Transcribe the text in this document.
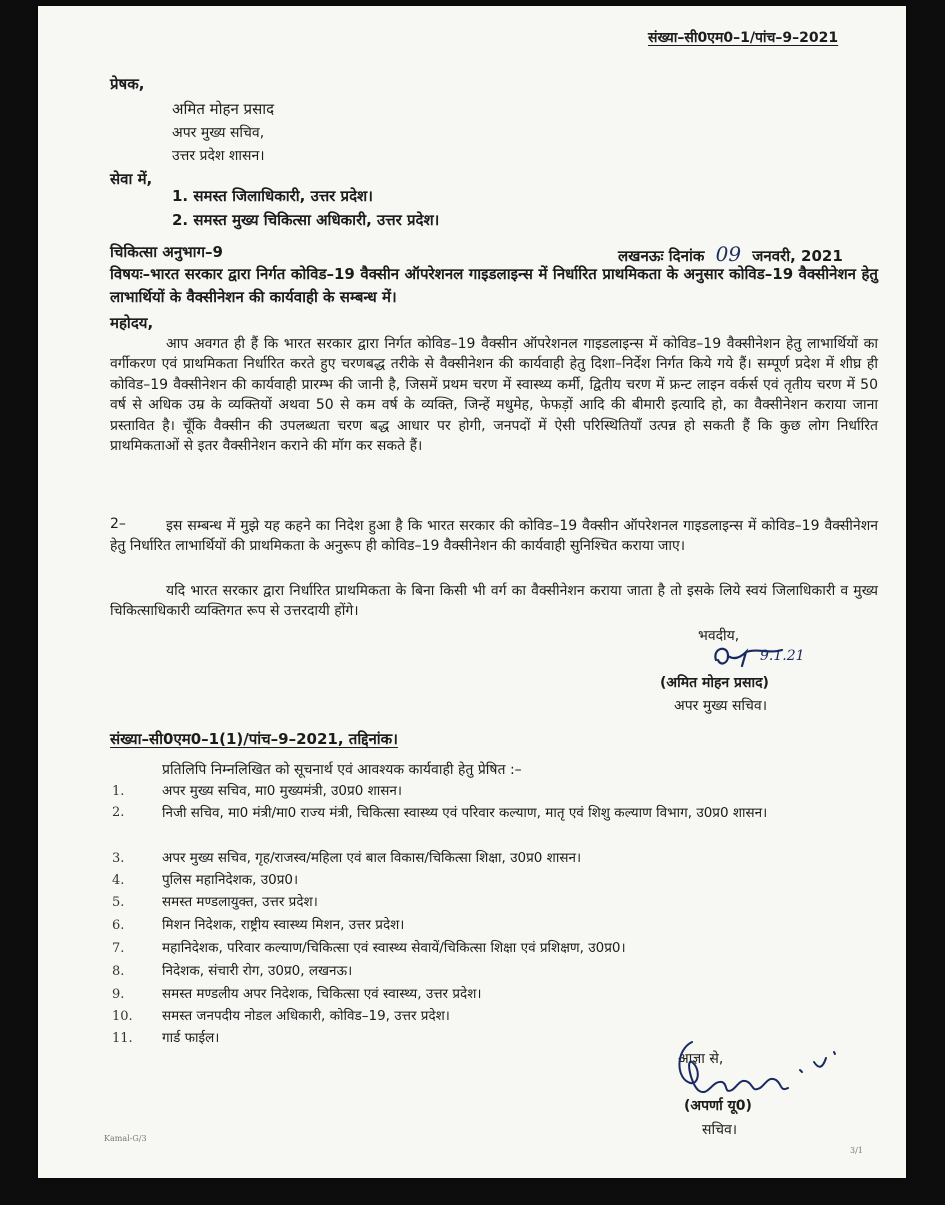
संख्या–सी0एम0–1/पांच–9–2021
प्रेषक,
अमित मोहन प्रसाद
अपर मुख्य सचिव,
उत्तर प्रदेश शासन।
सेवा में,
1. समस्त जिलाधिकारी, उत्तर प्रदेश।
2. समस्त मुख्य चिकित्सा अधिकारी, उत्तर प्रदेश।
चिकित्सा अनुभाग–9	लखनऊः दिनांक 09 जनवरी, 2021
विषयः–भारत सरकार द्वारा निर्गत कोविड–19 वैक्सीन ऑपरेशनल गाइडलाइन्स में निर्धारित प्राथमिकता के अनुसार कोविड–19 वैक्सीनेशन हेतु लाभार्थियों के वैक्सीनेशन की कार्यवाही के सम्बन्ध में।
महोदय,
आप अवगत ही हैं कि भारत सरकार द्वारा निर्गत कोविड–19 वैक्सीन ऑपरेशनल गाइडलाइन्स में कोविड–19 वैक्सीनेशन हेतु लाभार्थियों का वर्गीकरण एवं प्राथमिकता निर्धारित करते हुए चरणबद्ध तरीके से वैक्सीनेशन की कार्यवाही हेतु दिशा–निर्देश निर्गत किये गये हैं। सम्पूर्ण प्रदेश में शीघ्र ही कोविड–19 वैक्सीनेशन की कार्यवाही प्रारम्भ की जानी है, जिसमें प्रथम चरण में स्वास्थ्य कर्मी, द्वितीय चरण में फ्रन्ट लाइन वर्कर्स एवं तृतीय चरण में 50 वर्ष से अधिक उम्र के व्यक्तियों अथवा 50 से कम वर्ष के व्यक्ति, जिन्हें मधुमेह, फेफड़ों आदि की बीमारी इत्यादि हो, का वैक्सीनेशन कराया जाना प्रस्तावित है। चूँकि वैक्सीन की उपलब्धता चरण बद्ध आधार पर होगी, जनपदों में ऐसी परिस्थितियाँ उत्पन्न हो सकती हैं कि कुछ लोग निर्धारित प्राथमिकताओं से इतर वैक्सीनेशन कराने की मॉग कर सकते हैं।
2–	इस सम्बन्ध में मुझे यह कहने का निदेश हुआ है कि भारत सरकार की कोविड–19 वैक्सीन ऑपरेशनल गाइडलाइन्स में कोविड–19 वैक्सीनेशन हेतु निर्धारित लाभार्थियों की प्राथमिकता के अनुरूप ही कोविड–19 वैक्सीनेशन की कार्यवाही सुनिश्चित कराया जाए।
यदि भारत सरकार द्वारा निर्धारित प्राथमिकता के बिना किसी भी वर्ग का वैक्सीनेशन कराया जाता है तो इसके लिये स्वयं जिलाधिकारी व मुख्य चिकित्साधिकारी व्यक्तिगत रूप से उत्तरदायी होंगे।
भवदीय,
9.1.21
(अमित मोहन प्रसाद)
अपर मुख्य सचिव।
संख्या–सी0एम0–1(1)/पांच–9–2021, तद्दिनांक।
प्रतिलिपि निम्नलिखित को सूचनार्थ एवं आवश्यक कार्यवाही हेतु प्रेषित :–
1.	अपर मुख्य सचिव, मा0 मुख्यमंत्री, उ0प्र0 शासन।
2.	निजी सचिव, मा0 मंत्री/मा0 राज्य मंत्री, चिकित्सा स्वास्थ्य एवं परिवार कल्याण, मातृ एवं शिशु कल्याण विभाग, उ0प्र0 शासन।
3.	अपर मुख्य सचिव, गृह/राजस्व/महिला एवं बाल विकास/चिकित्सा शिक्षा, उ0प्र0 शासन।
4.	पुलिस महानिदेशक, उ0प्र0।
5.	समस्त मण्डलायुक्त, उत्तर प्रदेश।
6.	मिशन निदेशक, राष्ट्रीय स्वास्थ्य मिशन, उत्तर प्रदेश।
7.	महानिदेशक, परिवार कल्याण/चिकित्सा एवं स्वास्थ्य सेवायें/चिकित्सा शिक्षा एवं प्रशिक्षण, उ0प्र0।
8.	निदेशक, संचारी रोग, उ0प्र0, लखनऊ।
9.	समस्त मण्डलीय अपर निदेशक, चिकित्सा एवं स्वास्थ्य, उत्तर प्रदेश।
10.	समस्त जनपदीय नोडल अधिकारी, कोविड–19, उत्तर प्रदेश।
11.	गार्ड फाईल।
आज्ञा से,
(अपर्णा यू0)
सचिव।
Kamal-G/3
3/1
